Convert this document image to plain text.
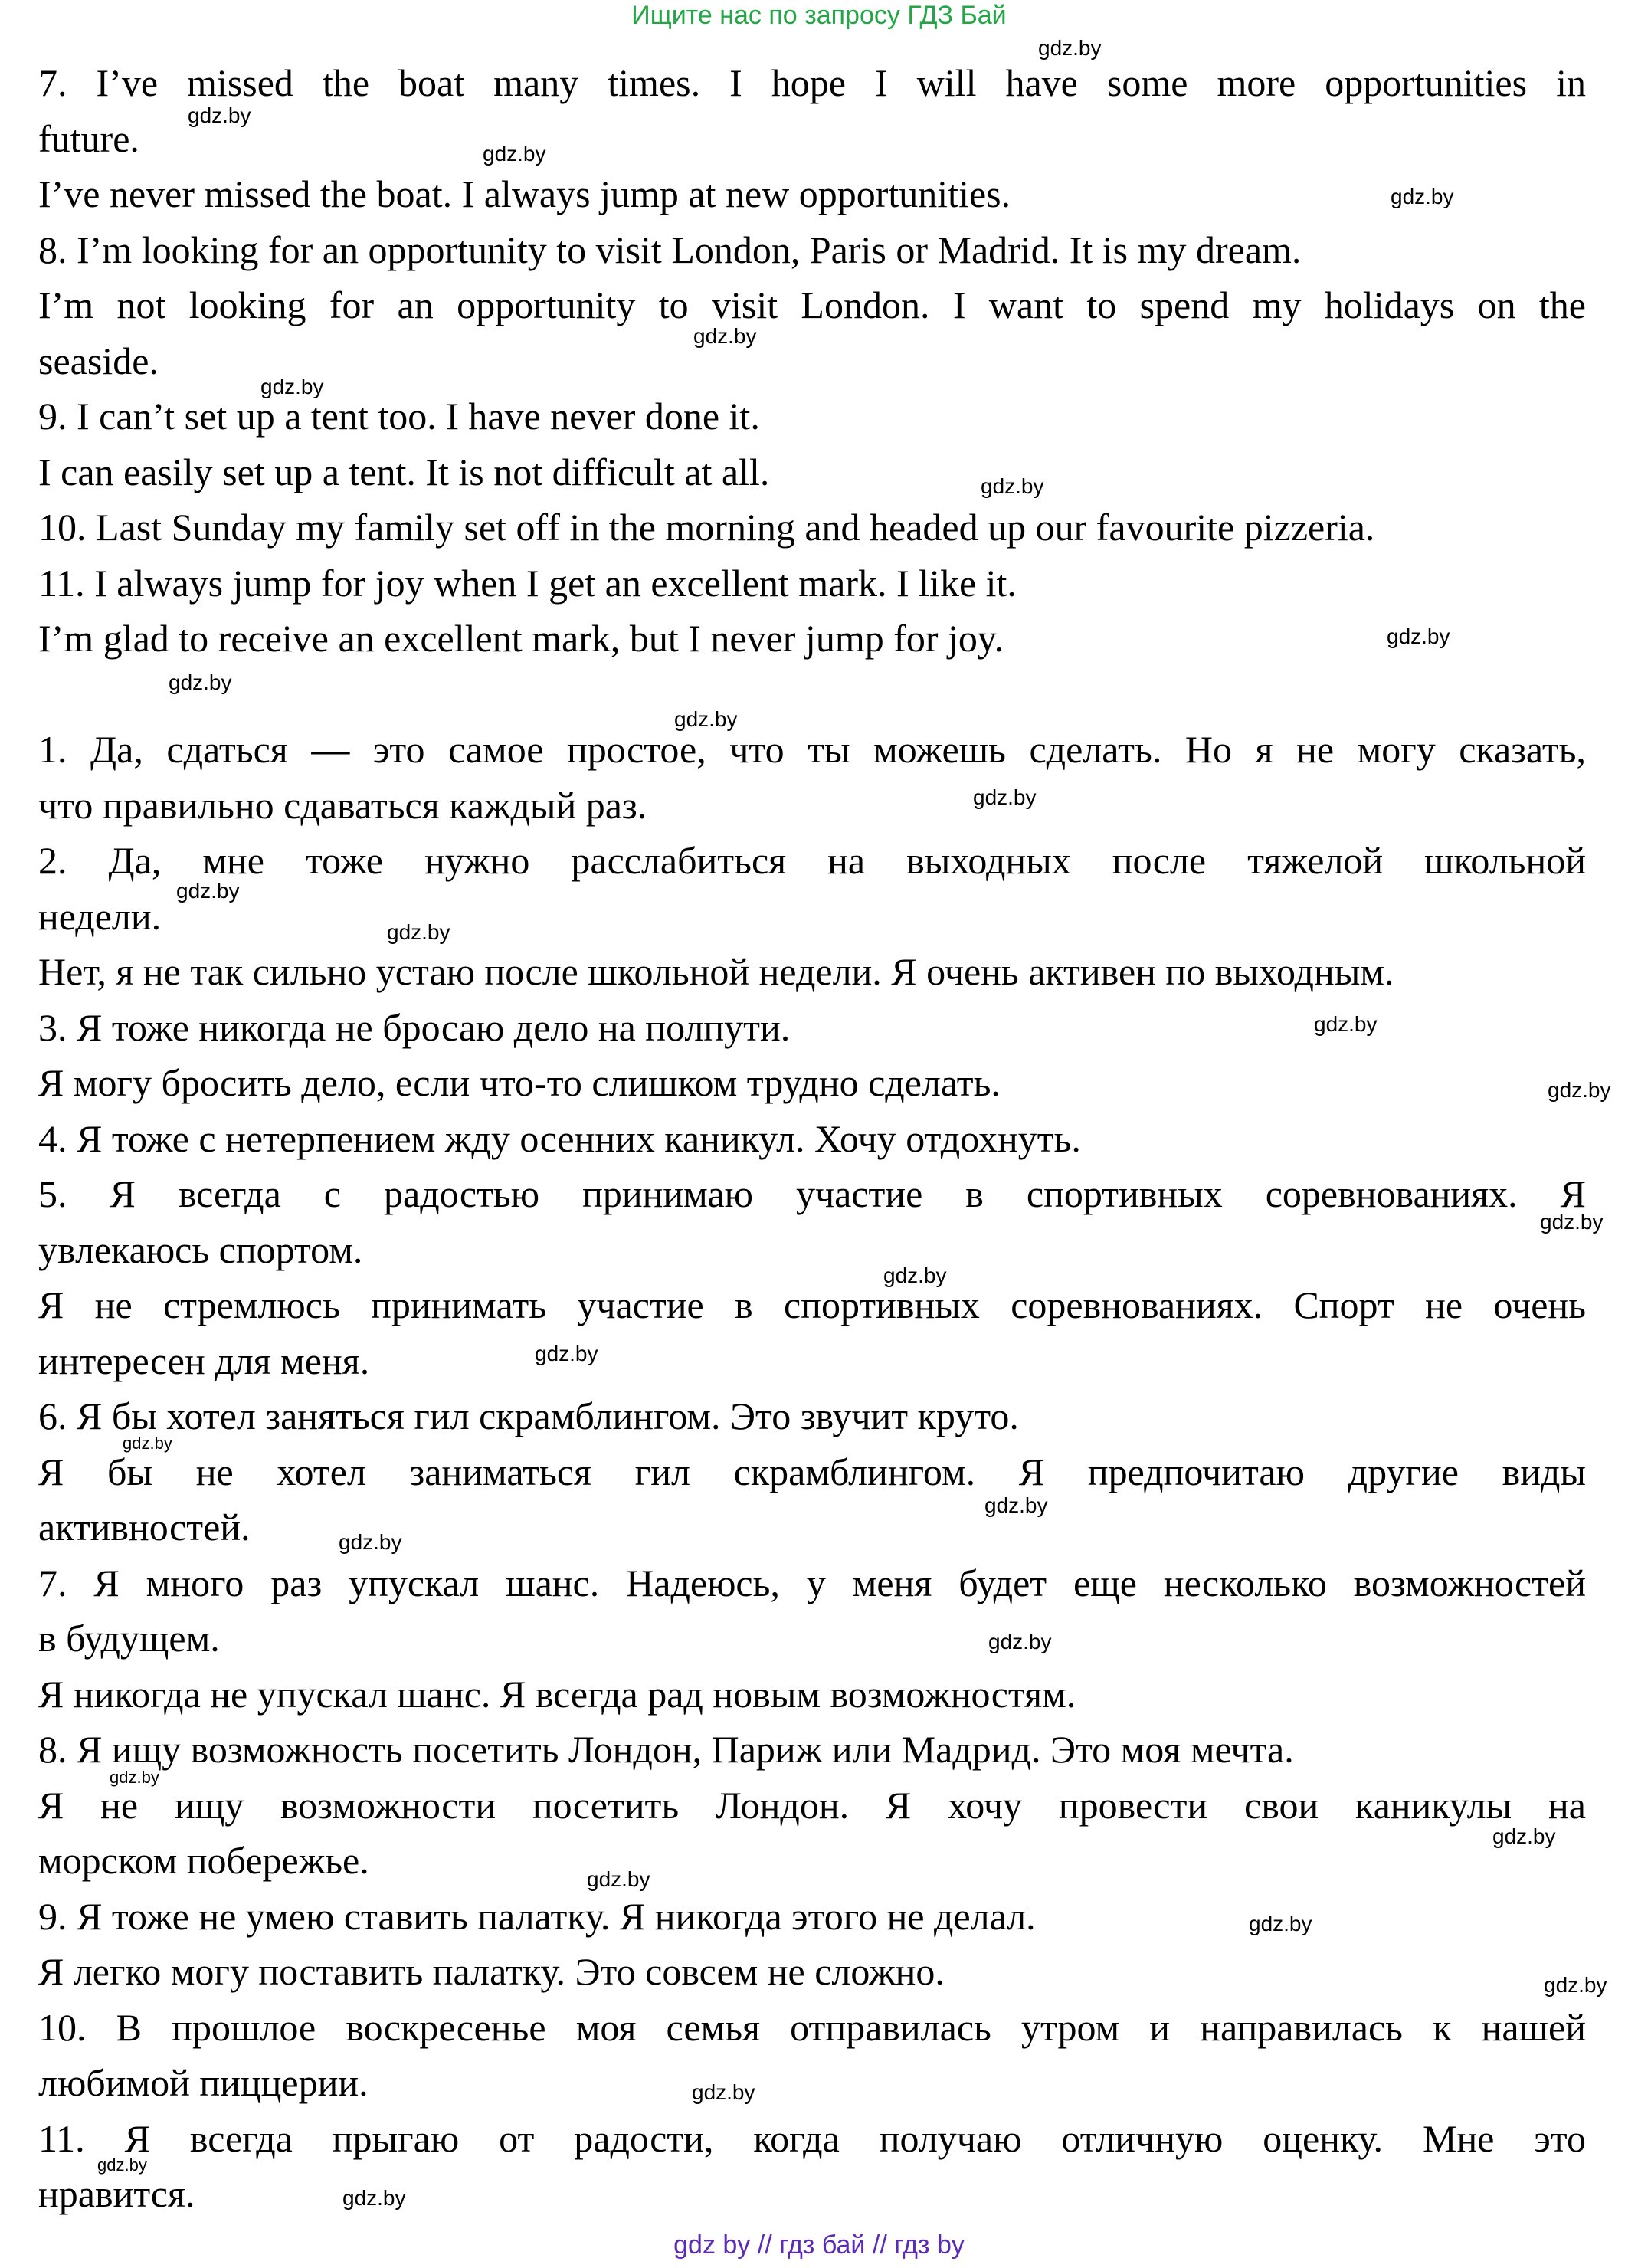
Ищите нас по запросу ГДЗ Бай
7. I’ve missed the boat many times. I hope I will have some more opportunities in
future.
I’ve never missed the boat. I always jump at new opportunities.
8. I’m looking for an opportunity to visit London, Paris or Madrid. It is my dream.
I’m not looking for an opportunity to visit London. I want to spend my holidays on the
seaside.
9. I can’t set up a tent too. I have never done it.
I can easily set up a tent. It is not difficult at all.
10. Last Sunday my family set off in the morning and headed up our favourite pizzeria.
11. I always jump for joy when I get an excellent mark. I like it.
I’m glad to receive an excellent mark, but I never jump for joy.
1. Да, сдаться — это самое простое, что ты можешь сделать. Но я не могу сказать,
что правильно сдаваться каждый раз.
2. Да, мне тоже нужно расслабиться на выходных после тяжелой школьной
недели.
Нет, я не так сильно устаю после школьной недели. Я очень активен по выходным.
3. Я тоже никогда не бросаю дело на полпути.
Я могу бросить дело, если что-то слишком трудно сделать.
4. Я тоже с нетерпением жду осенних каникул. Хочу отдохнуть.
5. Я всегда с радостью принимаю участие в спортивных соревнованиях. Я
увлекаюсь спортом.
Я не стремлюсь принимать участие в спортивных соревнованиях. Спорт не очень
интересен для меня.
6. Я бы хотел заняться гил скрамблингом. Это звучит круто.
Я бы не хотел заниматься гил скрамблингом. Я предпочитаю другие виды
активностей.
7. Я много раз упускал шанс. Надеюсь, у меня будет еще несколько возможностей
в будущем.
Я никогда не упускал шанс. Я всегда рад новым возможностям.
8. Я ищу возможность посетить Лондон, Париж или Мадрид. Это моя мечта.
Я не ищу возможности посетить Лондон. Я хочу провести свои каникулы на
морском побережье.
9. Я тоже не умею ставить палатку. Я никогда этого не делал.
Я легко могу поставить палатку. Это совсем не сложно.
10. В прошлое воскресенье моя семья отправилась утром и направилась к нашей
любимой пиццерии.
11. Я всегда прыгаю от радости, когда получаю отличную оценку. Мне это
нравится.
gdz.by
gdz.by
gdz.by
gdz.by
gdz.by
gdz.by
gdz.by
gdz.by
gdz.by
gdz.by
gdz.by
gdz.by
gdz.by
gdz.by
gdz.by
gdz.by
gdz.by
gdz.by
gdz.by
gdz.by
gdz.by
gdz.by
gdz.by
gdz.by
gdz.by
gdz.by
gdz.by
gdz.by
gdz.by
gdz.by
gdz by // гдз бай // гдз by
